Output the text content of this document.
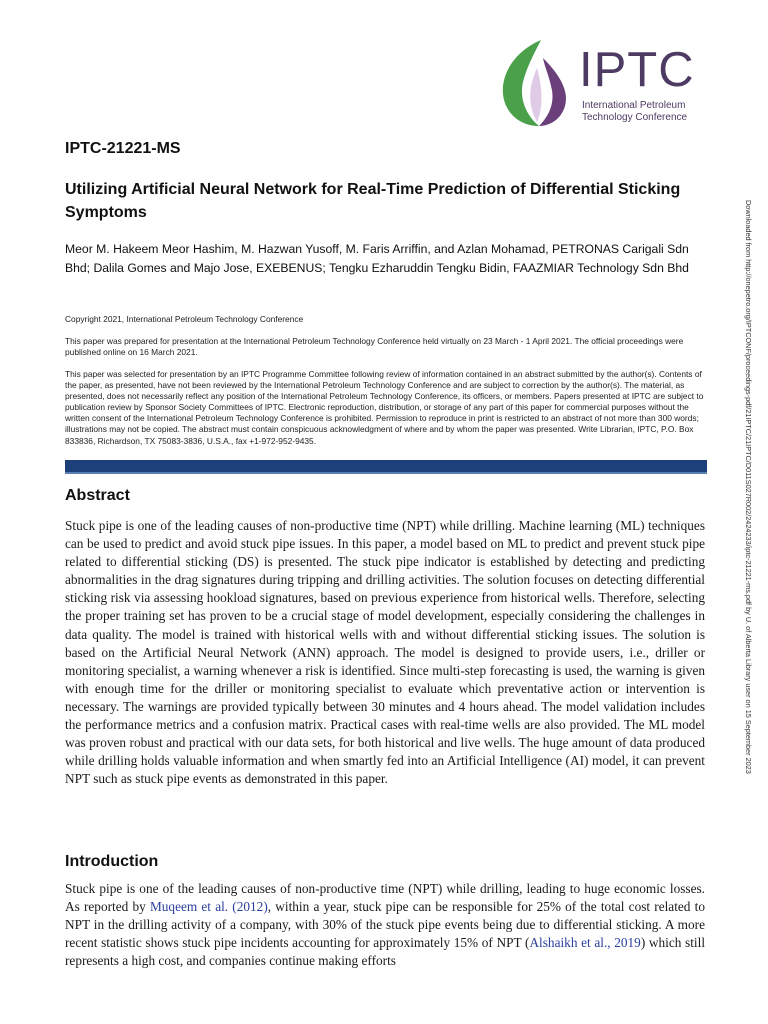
IPTC
International Petroleum
Technology Conference
IPTC-21221-MS
Utilizing Artificial Neural Network for Real-Time Prediction of Differential Sticking Symptoms

Meor M. Hakeem Meor Hashim, M. Hazwan Yusoff, M. Faris Arriffin, and Azlan Mohamad, PETRONAS Carigali Sdn Bhd; Dalila Gomes and Majo Jose, EXEBENUS; Tengku Ezharuddin Tengku Bidin, FAAZMIAR Technology Sdn Bhd

Copyright 2021, International Petroleum Technology Conference

This paper was prepared for presentation at the International Petroleum Technology Conference held virtually on 23 March - 1 April 2021. The official proceedings were published online on 16 March 2021.

This paper was selected for presentation by an IPTC Programme Committee following review of information contained in an abstract submitted by the author(s). Contents of the paper, as presented, have not been reviewed by the International Petroleum Technology Conference and are subject to correction by the author(s). The material, as presented, does not necessarily reflect any position of the International Petroleum Technology Conference, its officers, or members. Papers presented at IPTC are subject to publication review by Sponsor Society Committees of IPTC. Electronic reproduction, distribution, or storage of any part of this paper for commercial purposes without the written consent of the International Petroleum Technology Conference is prohibited. Permission to reproduce in print is restricted to an abstract of not more than 300 words; illustrations may not be copied. The abstract must contain conspicuous acknowledgment of where and by whom the paper was presented. Write Librarian, IPTC, P.O. Box 833836, Richardson, TX 75083-3836, U.S.A., fax +1-972-952-9435.

Abstract

Stuck pipe is one of the leading causes of non-productive time (NPT) while drilling. Machine learning (ML) techniques can be used to predict and avoid stuck pipe issues. In this paper, a model based on ML to predict and prevent stuck pipe related to differential sticking (DS) is presented. The stuck pipe indicator is established by detecting and predicting abnormalities in the drag signatures during tripping and drilling activities. The solution focuses on detecting differential sticking risk via assessing hookload signatures, based on previous experience from historical wells. Therefore, selecting the proper training set has proven to be a crucial stage of model development, especially considering the challenges in data quality. The model is trained with historical wells with and without differential sticking issues. The solution is based on the Artificial Neural Network (ANN) approach. The model is designed to provide users, i.e., driller or monitoring specialist, a warning whenever a risk is identified. Since multi-step forecasting is used, the warning is given with enough time for the driller or monitoring specialist to evaluate which preventative action or intervention is necessary. The warnings are provided typically between 30 minutes and 4 hours ahead. The model validation includes the performance metrics and a confusion matrix. Practical cases with real-time wells are also provided. The ML model was proven robust and practical with our data sets, for both historical and live wells. The huge amount of data produced while drilling holds valuable information and when smartly fed into an Artificial Intelligence (AI) model, it can prevent NPT such as stuck pipe events as demonstrated in this paper.

Introduction

Stuck pipe is one of the leading causes of non-productive time (NPT) while drilling, leading to huge economic losses. As reported by Muqeem et al. (2012), within a year, stuck pipe can be responsible for 25% of the total cost related to NPT in the drilling activity of a company, with 30% of the stuck pipe events being due to differential sticking. A more recent statistic shows stuck pipe incidents accounting for approximately 15% of NPT (Alshaikh et al., 2019) which still represents a high cost, and companies continue making efforts

Downloaded from http://onepetro.org/IPTCONF/proceedings-pdf/21IPTC/21IPTC/D011S027R002/2424233/iptc-21221-ms.pdf by U. of Alberta Library user on 15 September 2023
